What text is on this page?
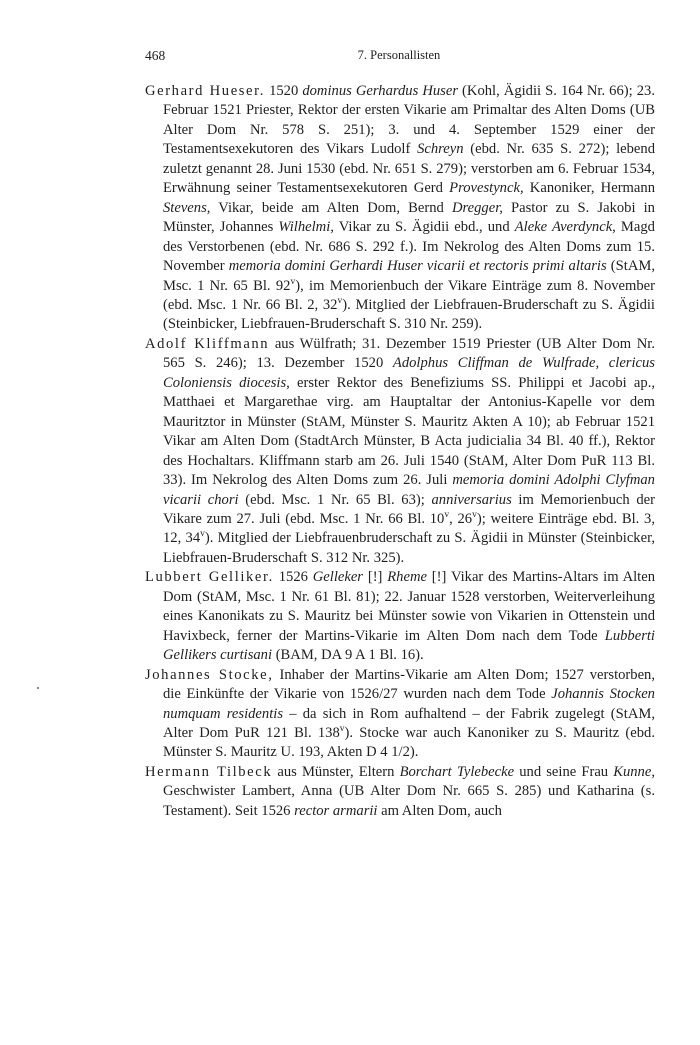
468	7. Personallisten

Gerhard Hueser. 1520 dominus Gerhardus Huser (Kohl, Ägidii S. 164 Nr. 66); 23. Februar 1521 Priester, Rektor der ersten Vikarie am Primaltar des Alten Doms (UB Alter Dom Nr. 578 S. 251); 3. und 4. September 1529 einer der Testamentsexekutoren des Vikars Ludolf Schreyn (ebd. Nr. 635 S. 272); lebend zuletzt genannt 28. Juni 1530 (ebd. Nr. 651 S. 279); verstorben am 6. Februar 1534, Erwähnung seiner Testamentsexekutoren Gerd Provestynck, Kanoniker, Hermann Stevens, Vikar, beide am Alten Dom, Bernd Dregger, Pastor zu S. Jakobi in Münster, Johannes Wilhelmi, Vikar zu S. Ägidii ebd., und Aleke Averdynck, Magd des Verstorbenen (ebd. Nr. 686 S. 292 f.). Im Nekrolog des Alten Doms zum 15. November memoria domini Gerhardi Huser vicarii et rectoris primi altaris (StAM, Msc. 1 Nr. 65 Bl. 92$^v$), im Memorienbuch der Vikare Einträge zum 8. November (ebd. Msc. 1 Nr. 66 Bl. 2, 32$^v$). Mitglied der Liebfrauen-Bruderschaft zu S. Ägidii (Steinbicker, Liebfrauen-Bruderschaft S. 310 Nr. 259).

Adolf Kliffmann aus Wülfrath; 31. Dezember 1519 Priester (UB Alter Dom Nr. 565 S. 246); 13. Dezember 1520 Adolphus Cliffman de Wulfrade, clericus Coloniensis diocesis, erster Rektor des Benefiziums SS. Philippi et Jacobi ap., Matthaei et Margarethae virg. am Hauptaltar der Antonius-Kapelle vor dem Mauritztor in Münster (StAM, Münster S. Mauritz Akten A 10); ab Februar 1521 Vikar am Alten Dom (StadtArch Münster, B Acta judicialia 34 Bl. 40 ff.), Rektor des Hochaltars. Kliffmann starb am 26. Juli 1540 (StAM, Alter Dom PuR 113 Bl. 33). Im Nekrolog des Alten Doms zum 26. Juli memoria domini Adolphi Clyfman vicarii chori (ebd. Msc. 1 Nr. 65 Bl. 63); anniversarius im Memorienbuch der Vikare zum 27. Juli (ebd. Msc. 1 Nr. 66 Bl. 10$^v$, 26$^v$); weitere Einträge ebd. Bl. 3, 12, 34$^v$). Mitglied der Liebfrauenbruderschaft zu S. Ägidii in Münster (Steinbicker, Liebfrauen-Bruderschaft S. 312 Nr. 325).

Lubbert Gelliker. 1526 Gelleker [!] Rheme [!] Vikar des Martins-Altars im Alten Dom (StAM, Msc. 1 Nr. 61 Bl. 81); 22. Januar 1528 verstorben, Weiterverleihung eines Kanonikats zu S. Mauritz bei Münster sowie von Vikarien in Ottenstein und Havixbeck, ferner der Martins-Vikarie im Alten Dom nach dem Tode Lubberti Gellikers curtisani (BAM, DA 9 A 1 Bl. 16).

Johannes Stocke, Inhaber der Martins-Vikarie am Alten Dom; 1527 verstorben, die Einkünfte der Vikarie von 1526/27 wurden nach dem Tode Johannis Stocken numquam residentis – da sich in Rom aufhaltend – der Fabrik zugelegt (StAM, Alter Dom PuR 121 Bl. 138$^v$). Stocke war auch Kanoniker zu S. Mauritz (ebd. Münster S. Mauritz U. 193, Akten D 4 1/2).

Hermann Tilbeck aus Münster, Eltern Borchart Tylebecke und seine Frau Kunne, Geschwister Lambert, Anna (UB Alter Dom Nr. 665 S. 285) und Katharina (s. Testament). Seit 1526 rector armarii am Alten Dom, auch
